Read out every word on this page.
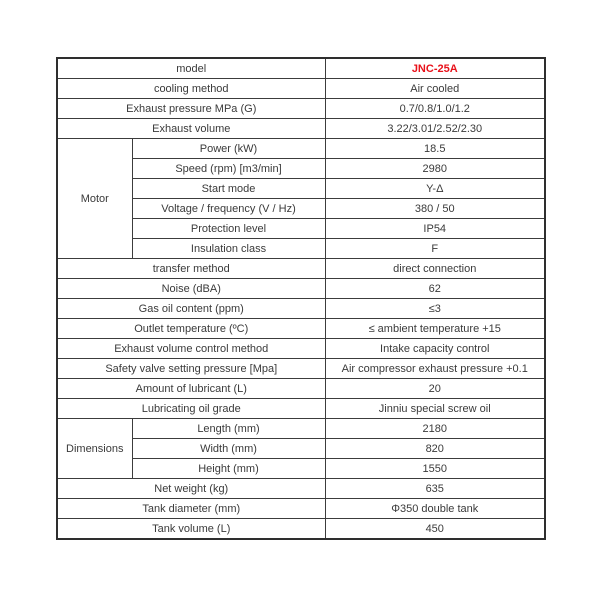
model		JNC-25A
cooling method		Air cooled
Exhaust pressure MPa (G)		0.7/0.8/1.0/1.2
Exhaust volume		3.22/3.01/2.52/2.30
Motor	Power (kW)	18.5
	Speed (rpm) [m3/min]	2980
	Start mode	Y-Δ
	Voltage / frequency (V / Hz)	380 / 50
	Protection level	IP54
	Insulation class	F
transfer method		direct connection
Noise (dBA)		62
Gas oil content (ppm)		≤3
Outlet temperature (ºC)		≤ ambient temperature +15
Exhaust volume control method		Intake capacity control
Safety valve setting pressure [Mpa]		Air compressor exhaust pressure +0.1
Amount of lubricant (L)		20
Lubricating oil grade		Jinniu special screw oil
Dimensions	Length (mm)	2180
	Width (mm)	820
	Height (mm)	1550
Net weight (kg)		635
Tank diameter (mm)		Φ350 double tank
Tank volume (L)		450
